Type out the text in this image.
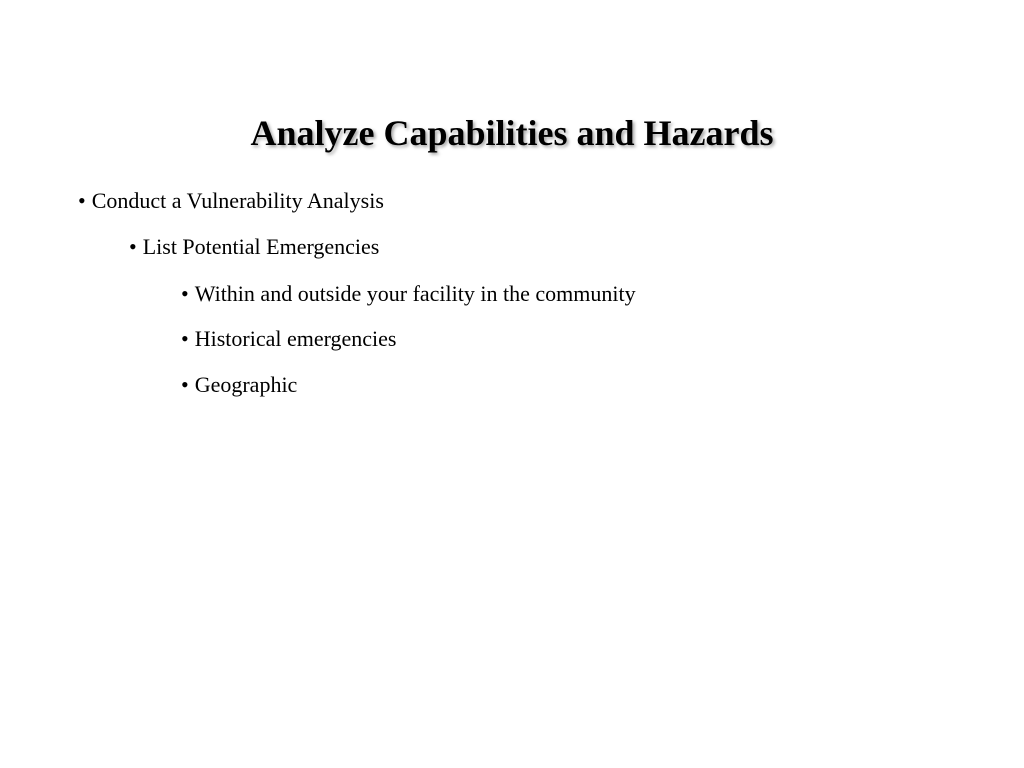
Analyze Capabilities and Hazards
• Conduct a Vulnerability Analysis
• List Potential Emergencies
• Within and outside your facility in the community
• Historical emergencies
• Geographic
